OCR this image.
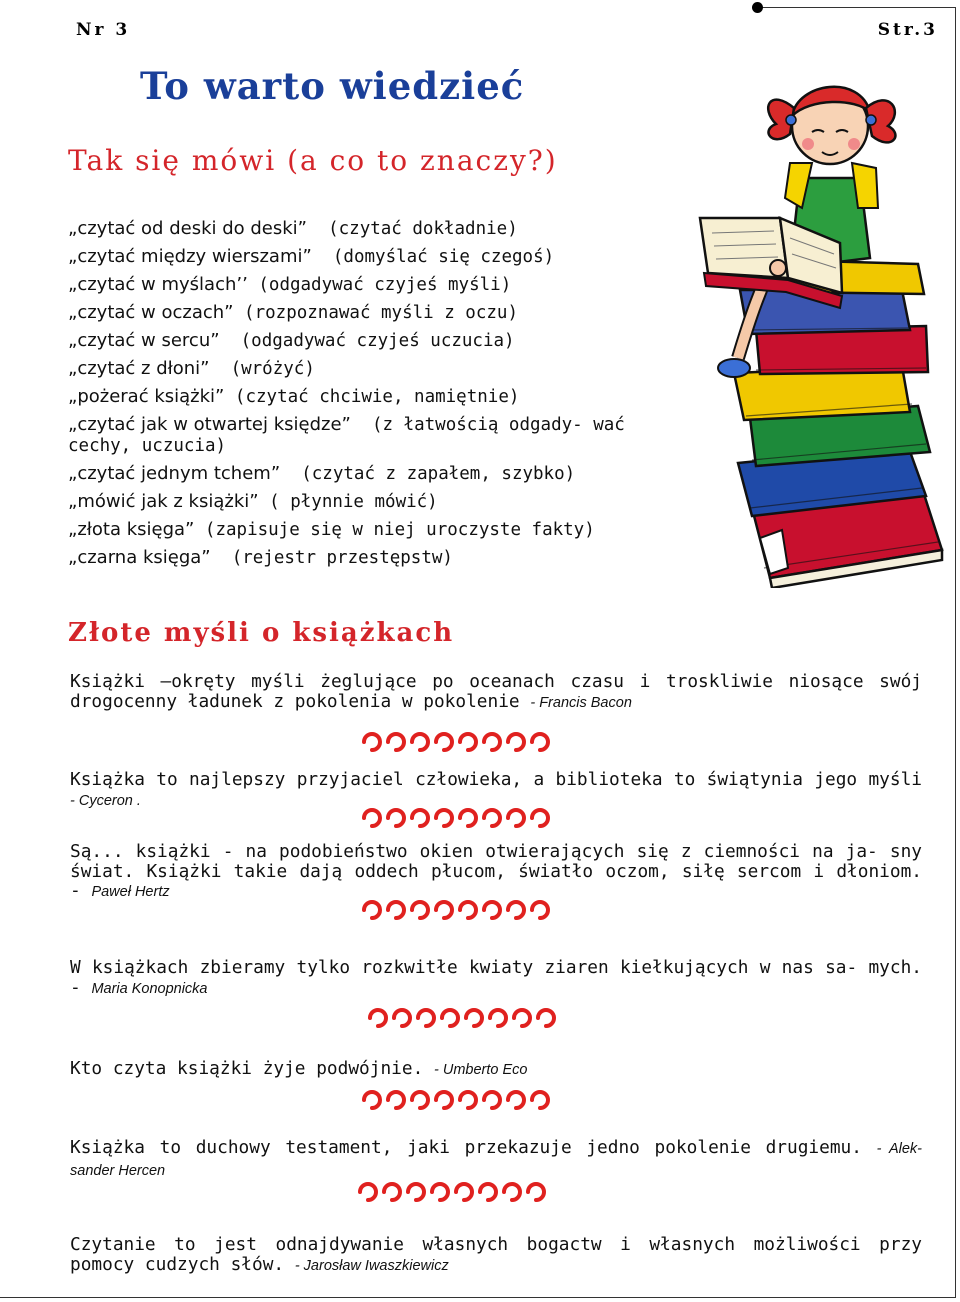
Nr 3	Str.3
To warto wiedzieć
Tak się mówi (a co to znaczy?)
„czytać od deski do deski” (czytać dokładnie)
„czytać między wierszami” (domyślać się czegoś)
„czytać w myślach’’ (odgadywać czyjeś myśli)
„czytać w oczach” (rozpoznawać myśli z oczu)
„czytać w sercu” (odgadywać czyjeś uczucia)
„czytać z dłoni” (wróżyć)
„pożerać książki” (czytać chciwie, namiętnie)
„czytać jak w otwartej księdze” (z łatwością odgady- wać cechy, uczucia)
„czytać jednym tchem” (czytać z zapałem, szybko)
„mówić jak z książki” ( płynnie mówić)
„złota księga” (zapisuje się w niej uroczyste fakty)
„czarna księga” (rejestr przestępstw)
Złote myśli o książkach
Książki –okręty myśli żeglujące po oceanach czasu i troskliwie niosące swój drogocenny ładunek z pokolenia w pokolenie - Francis Bacon
Książka to najlepszy przyjaciel człowieka, a biblioteka to świątynia jego myśli - Cyceron .
Są... książki - na podobieństwo okien otwierających się z ciemności na ja- sny świat. Książki takie dają oddech płucom, światło oczom, siłę sercom i dłoniom. - Paweł Hertz
W książkach zbieramy tylko rozkwitłe kwiaty ziaren kiełkujących w nas sa- mych. - Maria Konopnicka
Kto czyta książki żyje podwójnie. - Umberto Eco
Książka to duchowy testament, jaki przekazuje jedno pokolenie drugiemu. - Alek- sander Hercen
Czytanie to jest odnajdywanie własnych bogactw i własnych możliwości przy pomocy cudzych słów. - Jarosław Iwaszkiewicz
